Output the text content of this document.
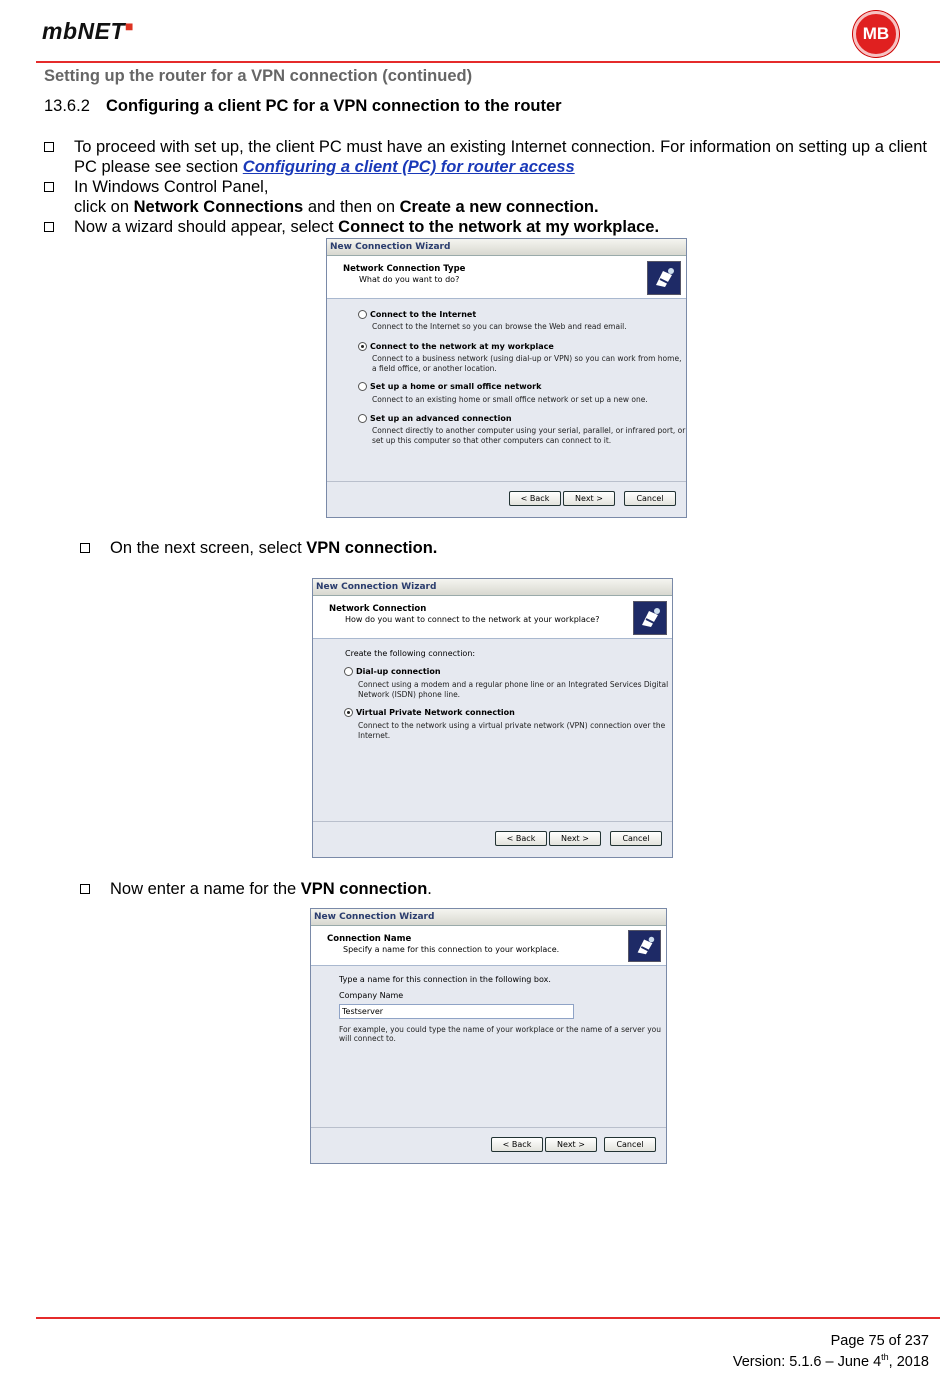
mbNET■	MB
Setting up the router for a VPN connection (continued)
13.6.2 Configuring a client PC for a VPN connection to the router
To proceed with set up, the client PC must have an existing Internet connection. For information on setting up a client PC please see section Configuring a client (PC) for router access
In Windows Control Panel,
click on Network Connections and then on Create a new connection.
Now a wizard should appear, select Connect to the network at my workplace.
New Connection Wizard
Network Connection Type
What do you want to do?
Connect to the Internet
Connect to the Internet so you can browse the Web and read email.
Connect to the network at my workplace
Connect to a business network (using dial-up or VPN) so you can work from home,
a field office, or another location.
Set up a home or small office network
Connect to an existing home or small office network or set up a new one.
Set up an advanced connection
Connect directly to another computer using your serial, parallel, or infrared port, or
set up this computer so that other computers can connect to it.
< Back	Next >	Cancel
On the next screen, select VPN connection.
New Connection Wizard
Network Connection
How do you want to connect to the network at your workplace?
Create the following connection:
Dial-up connection
Connect using a modem and a regular phone line or an Integrated Services Digital
Network (ISDN) phone line.
Virtual Private Network connection
Connect to the network using a virtual private network (VPN) connection over the
Internet.
< Back	Next >	Cancel
Now enter a name for the VPN connection.
New Connection Wizard
Connection Name
Specify a name for this connection to your workplace.
Type a name for this connection in the following box.
Company Name
Testserver
For example, you could type the name of your workplace or the name of a server you
will connect to.
< Back	Next >	Cancel
Page 75 of 237
Version: 5.1.6 – June 4th, 2018
